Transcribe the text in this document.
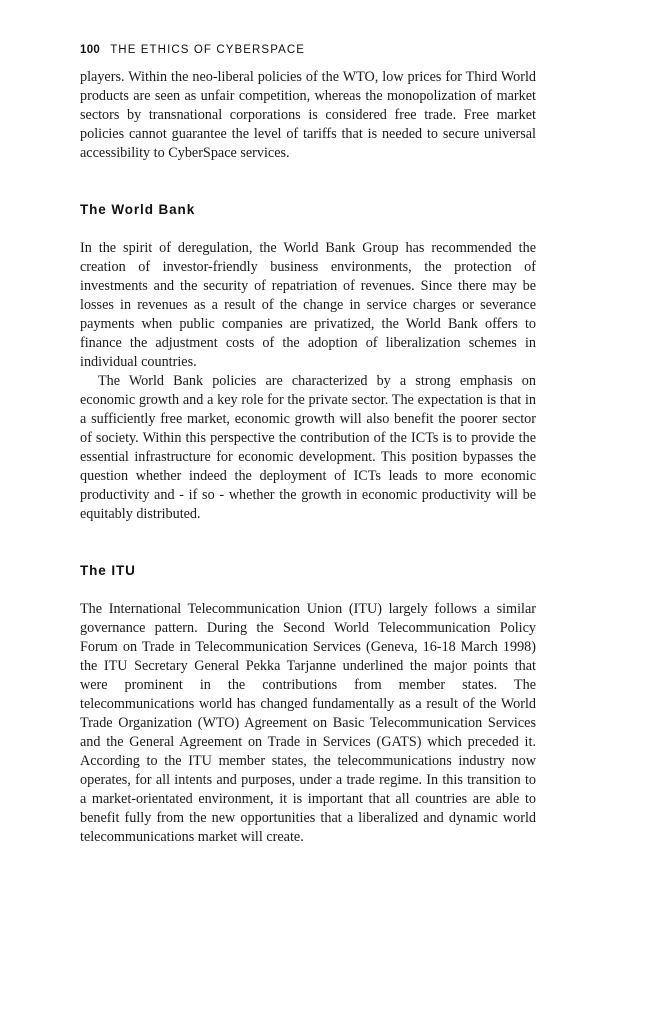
100 THE ETHICS OF CYBERSPACE

players. Within the neo-liberal policies of the WTO, low prices for Third World products are seen as unfair competition, whereas the monopolization of market sectors by transnational corporations is considered free trade. Free market policies cannot guarantee the level of tariffs that is needed to secure universal accessibility to CyberSpace services.

The World Bank

In the spirit of deregulation, the World Bank Group has recommended the creation of investor-friendly business environments, the protection of investments and the security of repatriation of revenues. Since there may be losses in revenues as a result of the change in service charges or severance payments when public companies are privatized, the World Bank offers to finance the adjustment costs of the adoption of liberalization schemes in individual countries.

The World Bank policies are characterized by a strong emphasis on economic growth and a key role for the private sector. The expectation is that in a sufficiently free market, economic growth will also benefit the poorer sector of society. Within this perspective the contribution of the ICTs is to provide the essential infrastructure for economic development. This position bypasses the question whether indeed the deployment of ICTs leads to more economic productivity and - if so - whether the growth in economic productivity will be equitably distributed.

The ITU

The International Telecommunication Union (ITU) largely follows a similar governance pattern. During the Second World Telecommunication Policy Forum on Trade in Telecommunication Services (Geneva, 16-18 March 1998) the ITU Secretary General Pekka Tarjanne underlined the major points that were prominent in the contributions from member states. The telecommunications world has changed fundamentally as a result of the World Trade Organization (WTO) Agreement on Basic Telecommunication Services and the General Agreement on Trade in Services (GATS) which preceded it. According to the ITU member states, the telecommunications industry now operates, for all intents and purposes, under a trade regime. In this transition to a market-orientated environment, it is important that all countries are able to benefit fully from the new opportunities that a liberalized and dynamic world telecommunications market will create.
